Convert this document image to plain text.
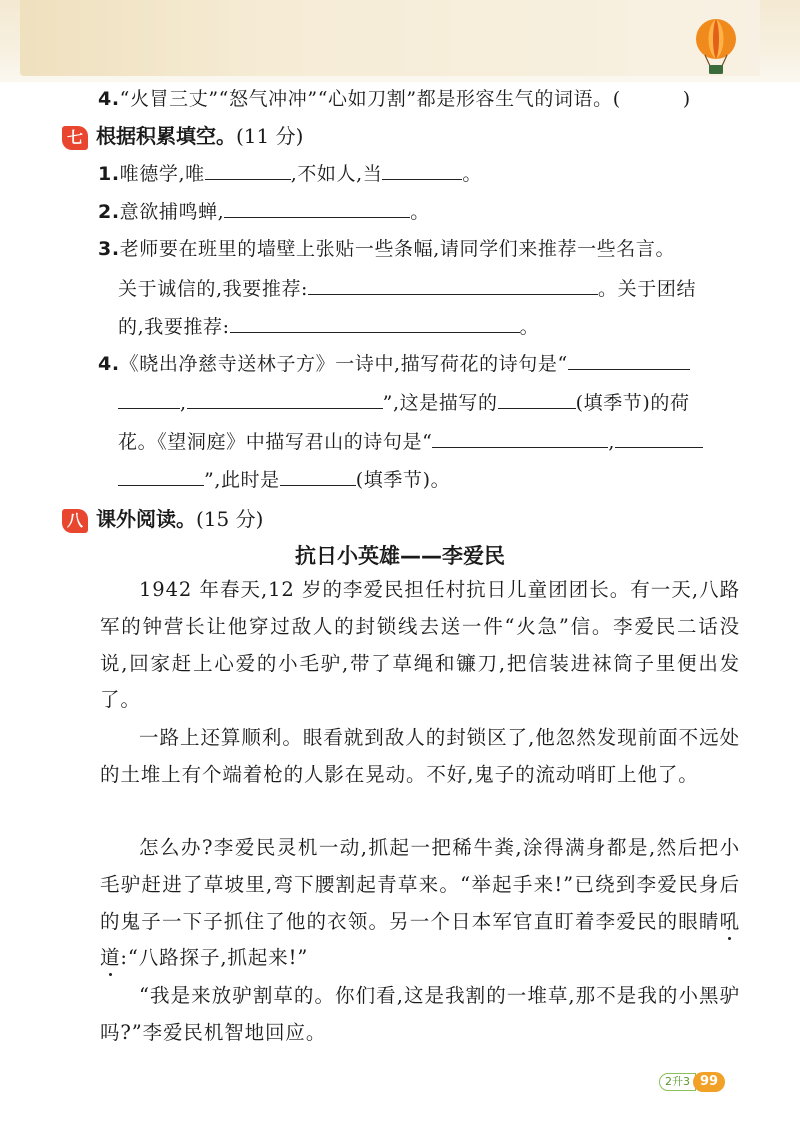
4.“火冒三丈”“怒气冲冲”“心如刀割”都是形容生气的词语。(	)
七 根据积累填空。(11 分)
1.唯德学,唯	,不如人,当	。
2.意欲捕鸣蝉,	。
3.老师要在班里的墙壁上张贴一些条幅,请同学们来推荐一些名言。
关于诚信的,我要推荐:	。关于团结
的,我要推荐:	。
4.《晓出净慈寺送林子方》一诗中,描写荷花的诗句是“
,	”,这是描写的	(填季节)的荷
花。《望洞庭》中描写君山的诗句是“	,
”,此时是	(填季节)。
八 课外阅读。(15 分)
抗日小英雄——李爱民

1942 年春天,12 岁的李爱民担任村抗日儿童团团长。有一天,八路军的钟营长让他穿过敌人的封锁线去送一件“火急”信。李爱民二话没说,回家赶上心爱的小毛驴,带了草绳和镰刀,把信装进袜筒子里便出发了。

一路上还算顺利。眼看就到敌人的封锁区了,他忽然发现前面不远处的土堆上有个端着枪的人影在晃动。不好,鬼子的流动哨盯上他了。

怎么办?李爱民灵机一动,抓起一把稀牛粪,涂得满身都是,然后把小毛驴赶进了草坡里,弯下腰割起青草来。“举起手来!”已绕到李爱民身后的鬼子一下子抓住了他的衣领。另一个日本军官直盯着李爱民的眼睛吼道:“八路探子,抓起来!”

“我是来放驴割草的。你们看,这是我割的一堆草,那不是我的小黑驴吗?”李爱民机智地回应。

2升3 99
